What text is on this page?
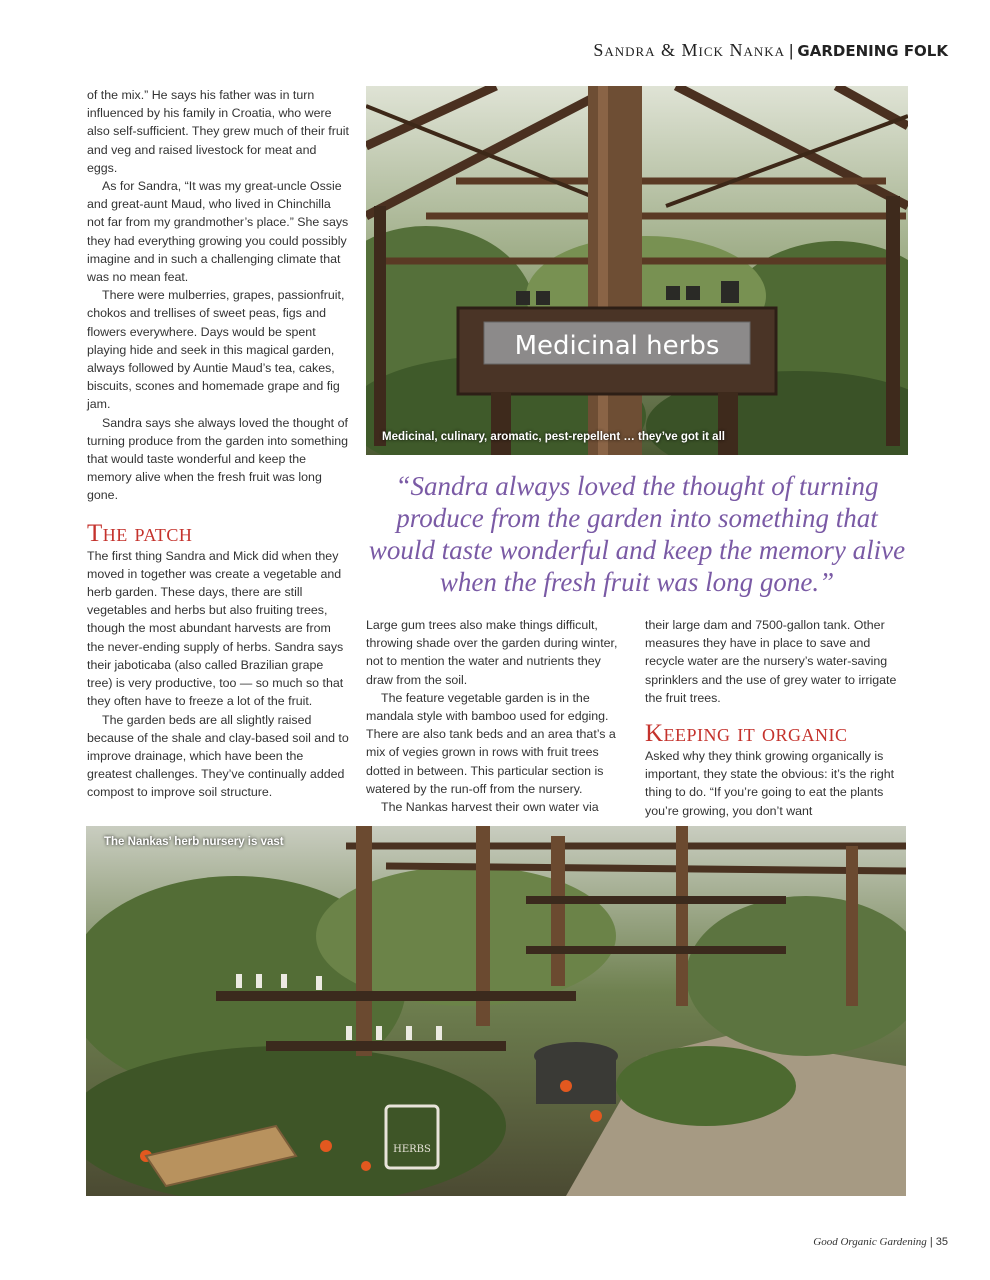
Sandra & Mick Nanka | GARDENING FOLK

of the mix.” He says his father was in turn influenced by his family in Croatia, who were also self-sufficient. They grew much of their fruit and veg and raised livestock for meat and eggs.

As for Sandra, “It was my great-uncle Ossie and great-aunt Maud, who lived in Chinchilla not far from my grandmother’s place.” She says they had everything growing you could possibly imagine and in such a challenging climate that was no mean feat.

There were mulberries, grapes, passionfruit, chokos and trellises of sweet peas, figs and flowers everywhere. Days would be spent playing hide and seek in this magical garden, always followed by Auntie Maud’s tea, cakes, biscuits, scones and homemade grape and fig jam.

Sandra says she always loved the thought of turning produce from the garden into something that would taste wonderful and keep the memory alive when the fresh fruit was long gone.

The patch

The first thing Sandra and Mick did when they moved in together was create a vegetable and herb garden. These days, there are still vegetables and herbs but also fruiting trees, though the most abundant harvests are from the never-ending supply of herbs. Sandra says their jaboticaba (also called Brazilian grape tree) is very productive, too — so much so that they often have to freeze a lot of the fruit.

The garden beds are all slightly raised because of the shale and clay-based soil and to improve drainage, which have been the greatest challenges. They’ve continually added compost to improve soil structure.

Medicinal herbs
Medicinal, culinary, aromatic, pest-repellent … they’ve got it all
“Sandra always loved the thought of turning produce from the garden into something that would taste wonderful and keep the memory alive when the fresh fruit was long gone.”

Large gum trees also make things difficult, throwing shade over the garden during winter, not to mention the water and nutrients they draw from the soil.

The feature vegetable garden is in the mandala style with bamboo used for edging. There are also tank beds and an area that’s a mix of vegies grown in rows with fruit trees dotted in between. This particular section is watered by the run-off from the nursery.

The Nankas harvest their own water via

their large dam and 7500-gallon tank. Other measures they have in place to save and recycle water are the nursery’s water-saving sprinklers and the use of grey water to irrigate the fruit trees.

Keeping it organic

Asked why they think growing organically is important, they state the obvious: it’s the right thing to do. “If you’re going to eat the plants you’re growing, you don’t want

HERBS
The Nankas’ herb nursery is vast
Good Organic Gardening | 35
